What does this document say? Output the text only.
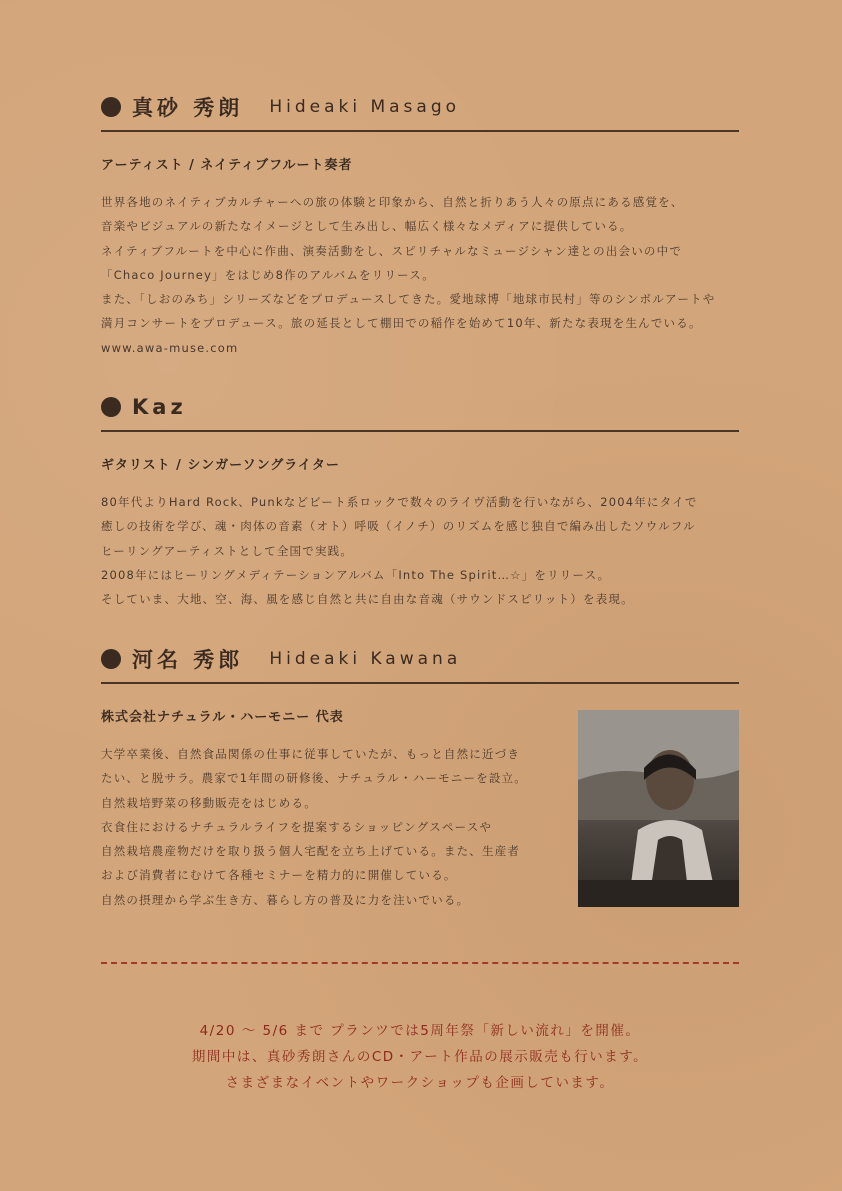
真砂 秀朗 Hideaki Masago
アーティスト / ネイティブフルート奏者
世界各地のネイティブカルチャーへの旅の体験と印象から、自然と折りあう人々の原点にある感覚を、
音楽やビジュアルの新たなイメージとして生み出し、幅広く様々なメディアに提供している。
ネイティブフルートを中心に作曲、演奏活動をし、スピリチャルなミュージシャン達との出会いの中で
「Chaco Journey」をはじめ8作のアルバムをリリース。
また、「しおのみち」シリーズなどをプロデュースしてきた。愛地球博「地球市民村」等のシンボルアートや
満月コンサートをプロデュース。旅の延長として棚田での稲作を始めて10年、新たな表現を生んでいる。
www.awa-muse.com
Kaz
ギタリスト / シンガーソングライター
80年代よりHard Rock、Punkなどビート系ロックで数々のライヴ活動を行いながら、2004年にタイで
癒しの技術を学び、魂・肉体の音素（オト）呼吸（イノチ）のリズムを感じ独自で編み出したソウルフル
ヒーリングアーティストとして全国で実践。
2008年にはヒーリングメディテーションアルバム「Into The Spirit…☆」をリリース。
そしていま、大地、空、海、風を感じ自然と共に自由な音魂（サウンドスピリット）を表現。
河名 秀郎 Hideaki Kawana
株式会社ナチュラル・ハーモニー 代表
大学卒業後、自然食品関係の仕事に従事していたが、もっと自然に近づき
たい、と脱サラ。農家で1年間の研修後、ナチュラル・ハーモニーを設立。
自然栽培野菜の移動販売をはじめる。
衣食住におけるナチュラルライフを提案するショッピングスペースや
自然栽培農産物だけを取り扱う個人宅配を立ち上げている。また、生産者
および消費者にむけて各種セミナーを精力的に開催している。
自然の摂理から学ぶ生き方、暮らし方の普及に力を注いでいる。
4/20 ～ 5/6 まで プランツでは5周年祭「新しい流れ」を開催。
期間中は、真砂秀朗さんのCD・アート作品の展示販売も行います。
さまざまなイベントやワークショップも企画しています。
